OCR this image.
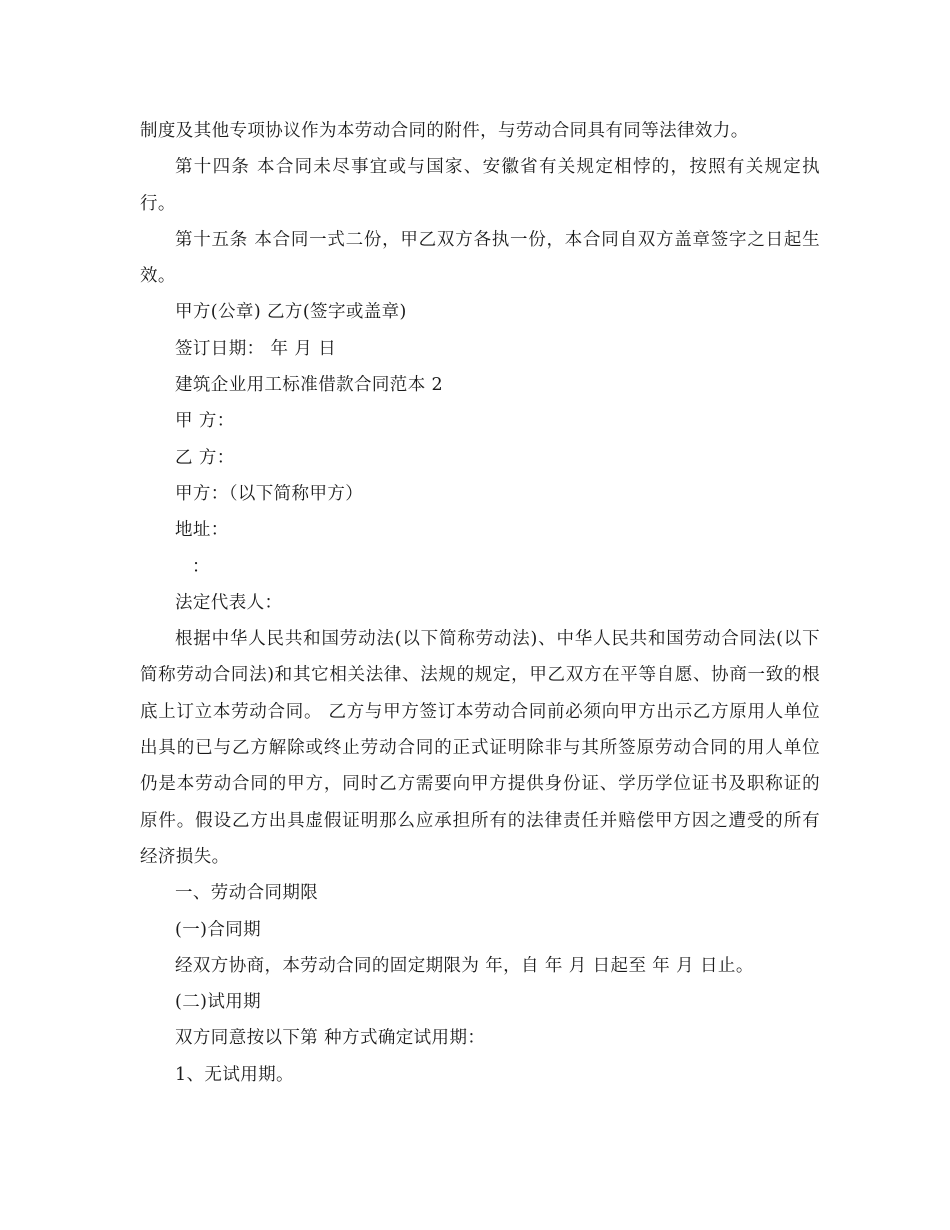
制度及其他专项协议作为本劳动合同的附件，与劳动合同具有同等法律效力。

第十四条 本合同未尽事宜或与国家、安徽省有关规定相悖的，按照有关规定执行。

第十五条 本合同一式二份，甲乙双方各执一份，本合同自双方盖章签字之日起生效。

甲方(公章) 乙方(签字或盖章)

签订日期： 年 月 日

建筑企业用工标准借款合同范本 2

甲 方：

乙 方：

甲方：（以下简称甲方）

地址：

：

法定代表人：

根据中华人民共和国劳动法(以下简称劳动法)、中华人民共和国劳动合同法(以下简称劳动合同法)和其它相关法律、法规的规定，甲乙双方在平等自愿、协商一致的根底上订立本劳动合同。 乙方与甲方签订本劳动合同前必须向甲方出示乙方原用人单位出具的已与乙方解除或终止劳动合同的正式证明除非与其所签原劳动合同的用人单位仍是本劳动合同的甲方，同时乙方需要向甲方提供身份证、学历学位证书及职称证的原件。假设乙方出具虚假证明那么应承担所有的法律责任并赔偿甲方因之遭受的所有经济损失。

一、劳动合同期限

(一)合同期

经双方协商，本劳动合同的固定期限为 年，自 年 月 日起至 年 月 日止。

(二)试用期

双方同意按以下第 种方式确定试用期：

1、无试用期。
